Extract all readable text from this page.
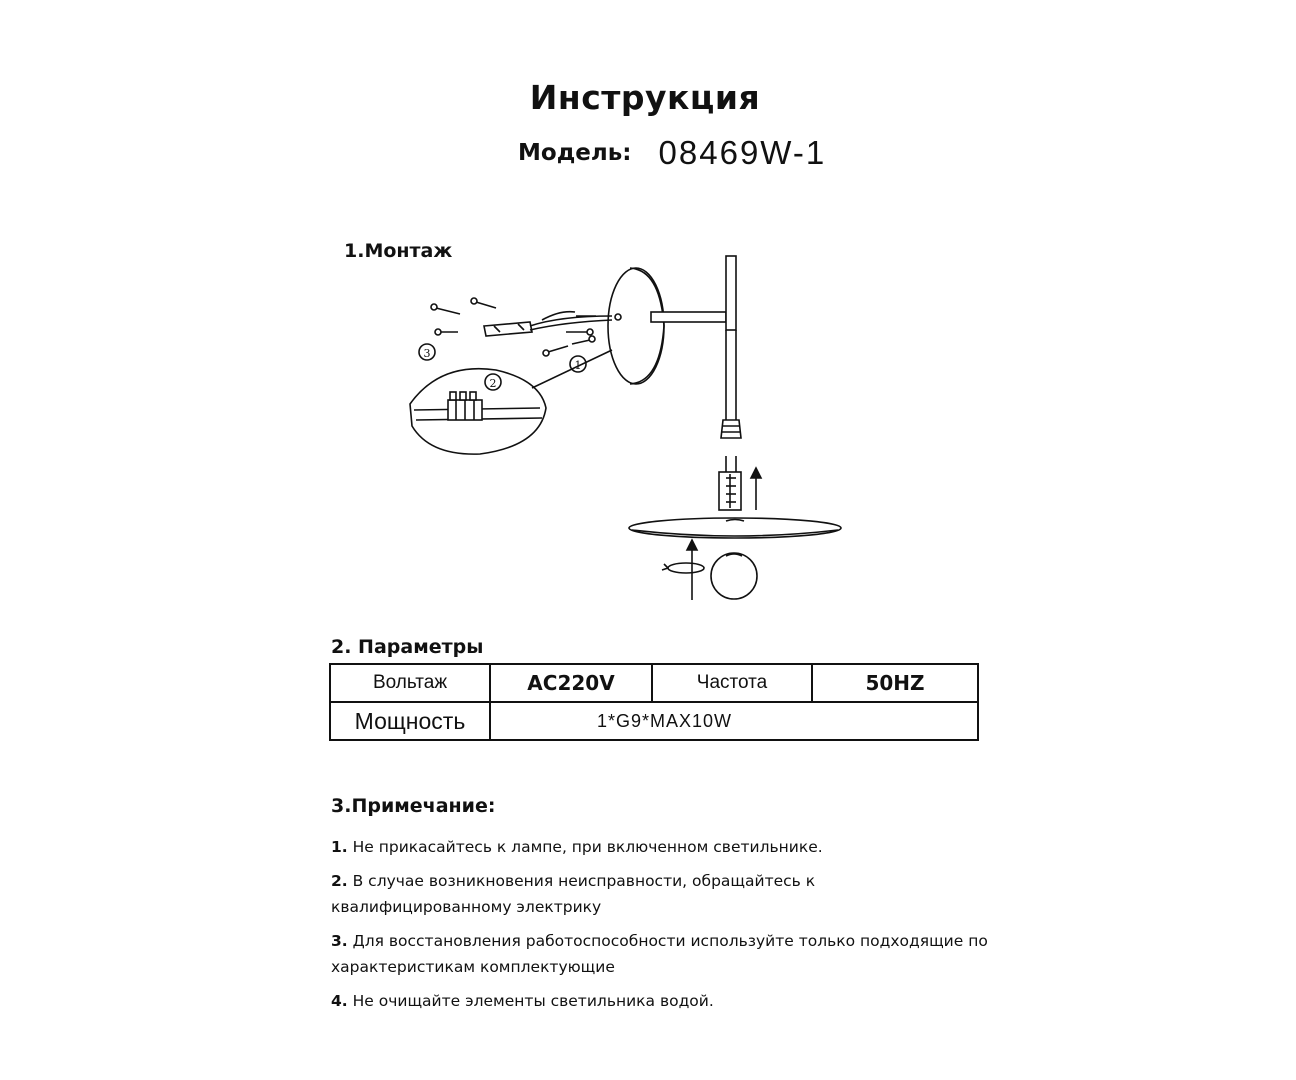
Инструкция
Модель: 08469W-1
1.Монтаж
3
1
2
2. Параметры
Вольтаж	AC220V	Частота	50HZ
Мощность	1*G9*MAX10W		
3.Примечание:

1. Не прикасайтесь к лампе, при включенном светильнике.

2. В случае возникновения неисправности, обращайтесь к квалифицированному электрику

3. Для восстановления работоспособности используйте только подходящие по характеристикам комплектующие

4. Не очищайте элементы светильника водой.
